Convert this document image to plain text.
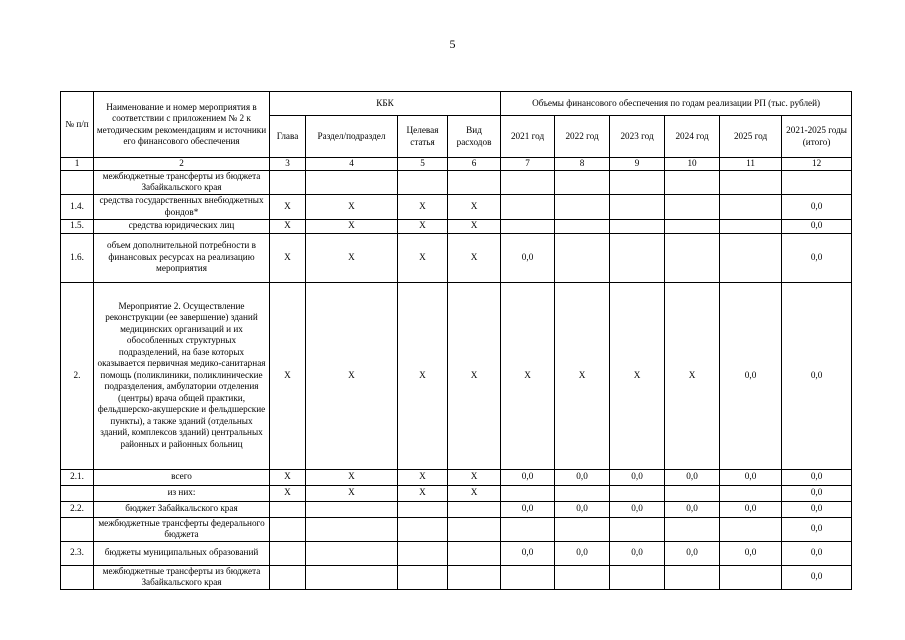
5
№ п/п	Наименование и номер мероприятия в соответствии с приложением № 2 к методическим рекомендациям и источники его финансового обеспечения	КБК				Объемы финансового обеспечения по годам реализации РП (тыс. рублей)					
		Глава	Раздел/подраздел	Целевая статья	Вид расходов	2021 год	2022 год	2023 год	2024 год	2025 год	2021-2025 годы (итого)
1	2	3	4	5	6	7	8	9	10	11	12
	межбюджетные трансферты из бюджета Забайкальского края										
1.4.	средства государственных внебюджетных фондов*	X	X	X	X						0,0
1.5.	средства юридических лиц	X	X	X	X						0,0
1.6.	объем дополнительной потребности в финансовых ресурсах на реализацию мероприятия	X	X	X	X	0,0					0,0
2.	Мероприятие 2. Осуществление реконструкции (ее завершение) зданий медицинских организаций и их обособленных структурных подразделений, на базе которых оказывается первичная медико-санитарная помощь (поликлиники, поликлинические подразделения, амбулатории отделения (центры) врача общей практики, фельдшерско-акушерские и фельдшерские пункты), а также зданий (отдельных зданий, комплексов зданий) центральных районных и районных больниц	X	X	X	X	X	X	X	X	0,0	0,0
2.1.	всего	X	X	X	X	0,0	0,0	0,0	0,0	0,0	0,0
	из них:	X	X	X	X						0,0
2.2.	бюджет Забайкальского края					0,0	0,0	0,0	0,0	0,0	0,0
	межбюджетные трансферты федерального бюджета										0,0
2.3.	бюджеты муниципальных образований					0,0	0,0	0,0	0,0	0,0	0,0
	межбюджетные трансферты из бюджета Забайкальского края										0,0
